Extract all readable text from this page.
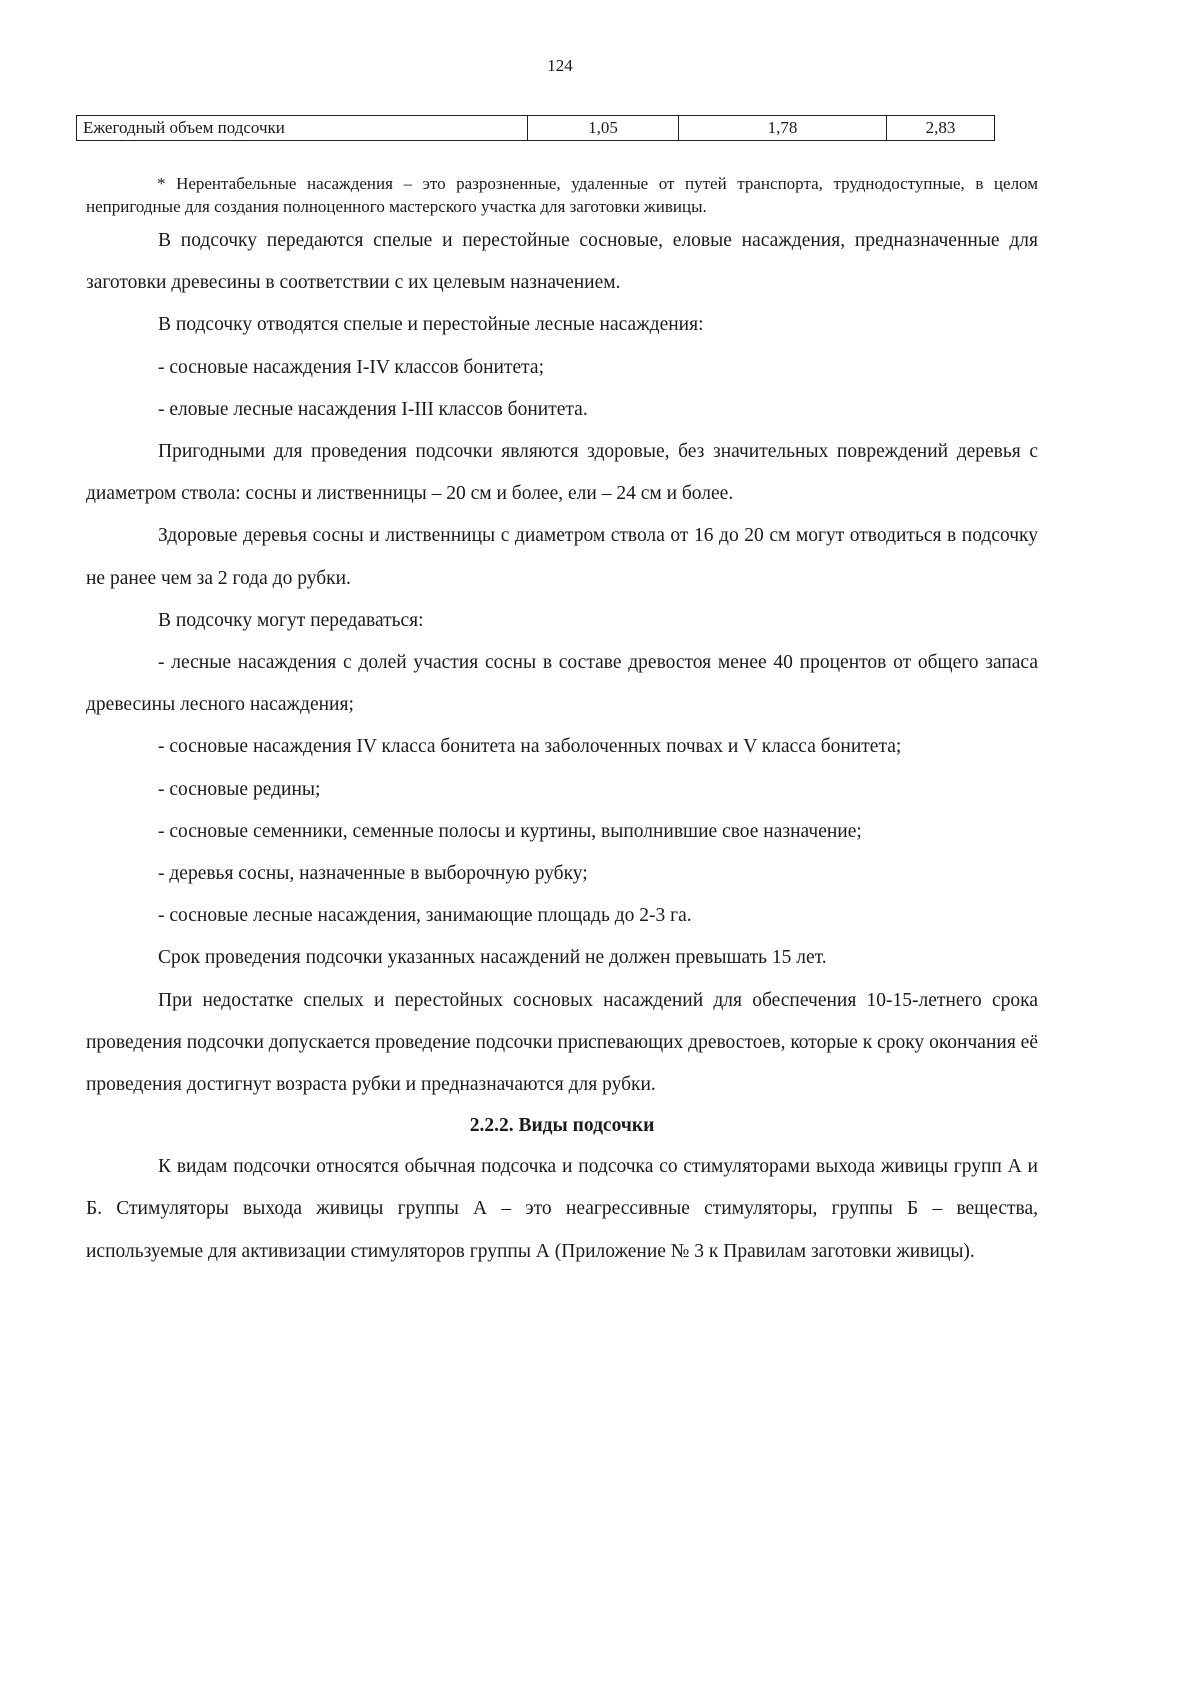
124
Ежегодный объем подсочки	1,05	1,78	2,83

* Нерентабельные насаждения – это разрозненные, удаленные от путей транспорта, труднодоступные, в целом непригодные для создания полноценного мастерского участка для заготовки живицы.

В подсочку передаются спелые и перестойные сосновые, еловые насаждения, предназначенные для заготовки древесины в соответствии с их целевым назначением.

В подсочку отводятся спелые и перестойные лесные насаждения:

- сосновые насаждения I-IV классов бонитета;

- еловые лесные насаждения I-III классов бонитета.

Пригодными для проведения подсочки являются здоровые, без значительных повреждений деревья с диаметром ствола: сосны и лиственницы – 20 см и более, ели – 24 см и более.

Здоровые деревья сосны и лиственницы с диаметром ствола от 16 до 20 см могут отводиться в подсочку не ранее чем за 2 года до рубки.

В подсочку могут передаваться:

- лесные насаждения с долей участия сосны в составе древостоя менее 40 процентов от общего запаса древесины лесного насаждения;

- сосновые насаждения IV класса бонитета на заболоченных почвах и V класса бонитета;

- сосновые редины;

- сосновые семенники, семенные полосы и куртины, выполнившие свое назначение;

- деревья сосны, назначенные в выборочную рубку;

- сосновые лесные насаждения, занимающие площадь до 2-3 га.

Срок проведения подсочки указанных насаждений не должен превышать 15 лет.

При недостатке спелых и перестойных сосновых насаждений для обеспечения 10-15-летнего срока проведения подсочки допускается проведение подсочки приспевающих древостоев, которые к сроку окончания её проведения достигнут возраста рубки и предназначаются для рубки.

2.2.2. Виды подсочки

К видам подсочки относятся обычная подсочка и подсочка со стимуляторами выхода живицы групп А и Б. Стимуляторы выхода живицы группы А – это неагрессивные стимуляторы, группы Б – вещества, используемые для активизации стимуляторов группы А (Приложение № 3 к Правилам заготовки живицы).
